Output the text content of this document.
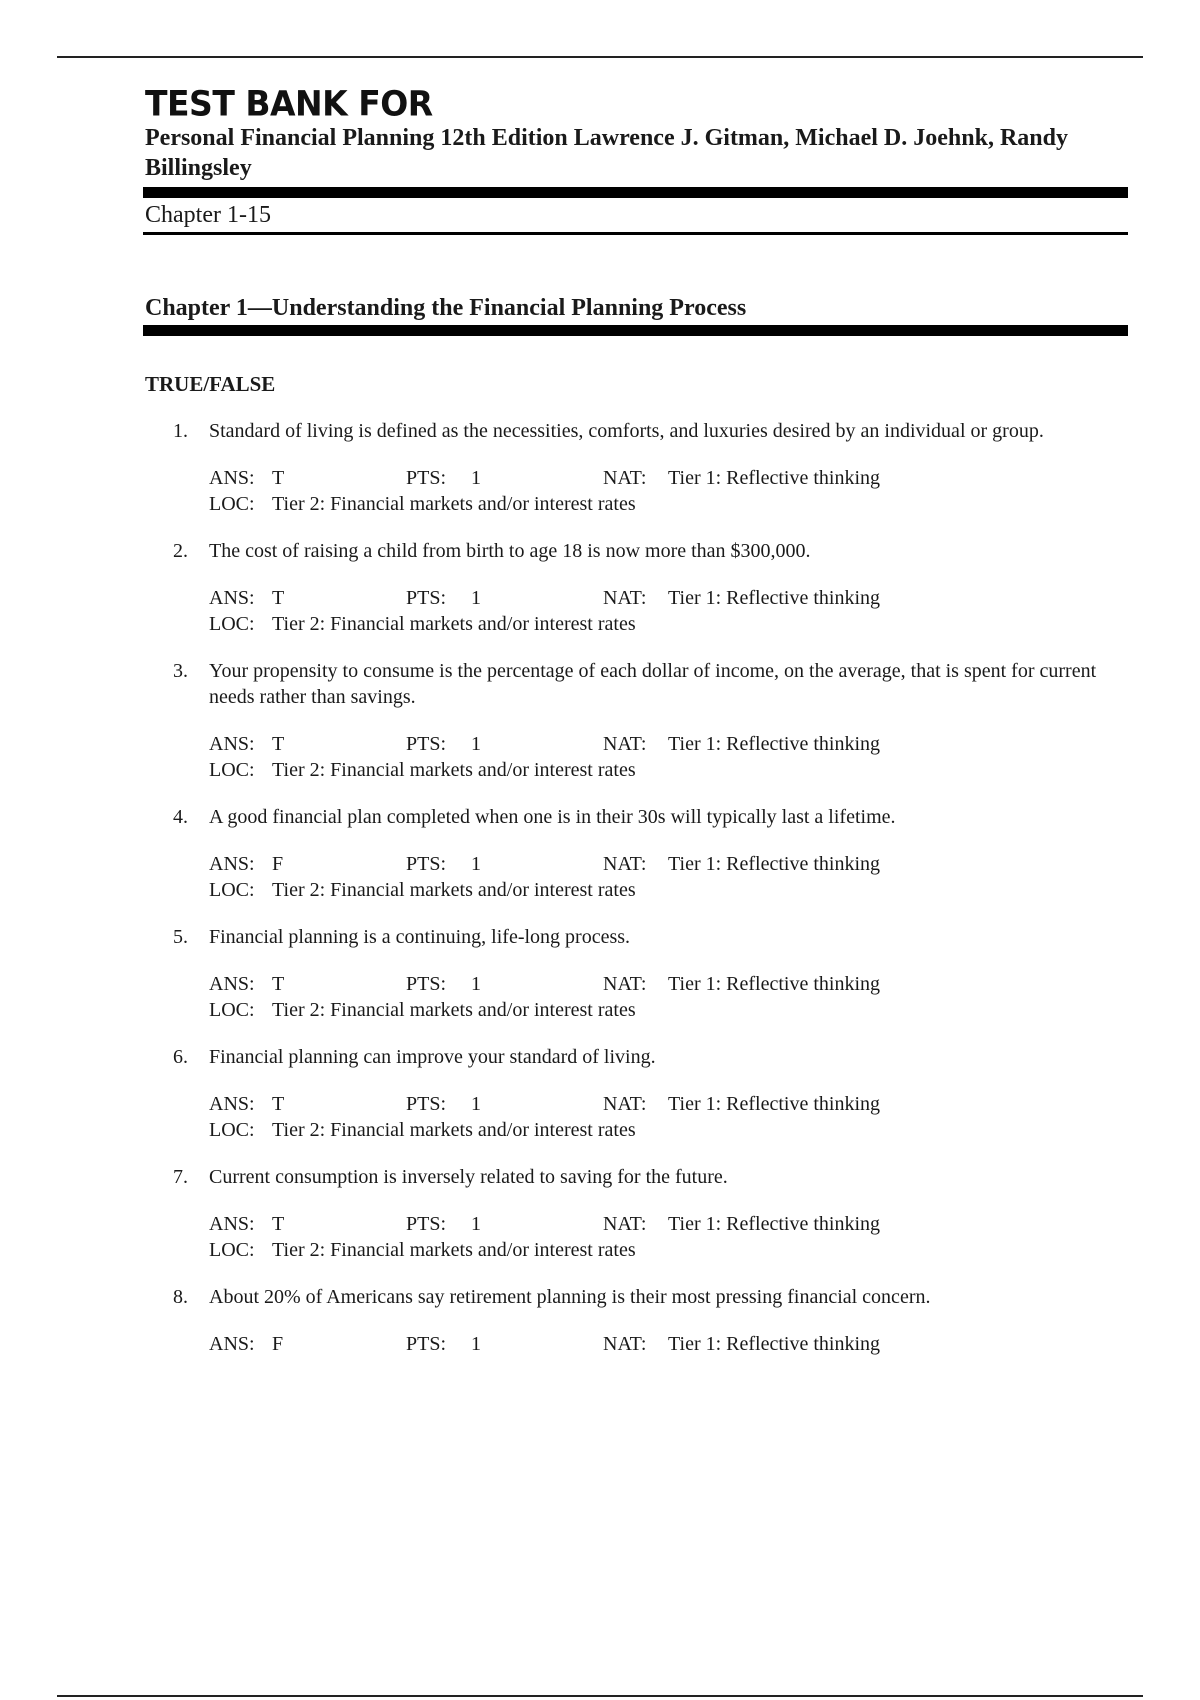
TEST BANK FOR
Personal Financial Planning 12th Edition Lawrence J. Gitman, Michael D. Joehnk, Randy Billingsley
Chapter 1-15
Chapter 1—Understanding the Financial Planning Process
TRUE/FALSE
1. Standard of living is defined as the necessities, comforts, and luxuries desired by an individual or group.
ANS: T	PTS: 1	NAT: Tier 1: Reflective thinking
LOC: Tier 2: Financial markets and/or interest rates
2. The cost of raising a child from birth to age 18 is now more than $300,000.
ANS: T	PTS: 1	NAT: Tier 1: Reflective thinking
LOC: Tier 2: Financial markets and/or interest rates
3. Your propensity to consume is the percentage of each dollar of income, on the average, that is spent for current needs rather than savings.
ANS: T	PTS: 1	NAT: Tier 1: Reflective thinking
LOC: Tier 2: Financial markets and/or interest rates
4. A good financial plan completed when one is in their 30s will typically last a lifetime.
ANS: F	PTS: 1	NAT: Tier 1: Reflective thinking
LOC: Tier 2: Financial markets and/or interest rates
5. Financial planning is a continuing, life-long process.
ANS: T	PTS: 1	NAT: Tier 1: Reflective thinking
LOC: Tier 2: Financial markets and/or interest rates
6. Financial planning can improve your standard of living.
ANS: T	PTS: 1	NAT: Tier 1: Reflective thinking
LOC: Tier 2: Financial markets and/or interest rates
7. Current consumption is inversely related to saving for the future.
ANS: T	PTS: 1	NAT: Tier 1: Reflective thinking
LOC: Tier 2: Financial markets and/or interest rates
8. About 20% of Americans say retirement planning is their most pressing financial concern.
ANS: F	PTS: 1	NAT: Tier 1: Reflective thinking
